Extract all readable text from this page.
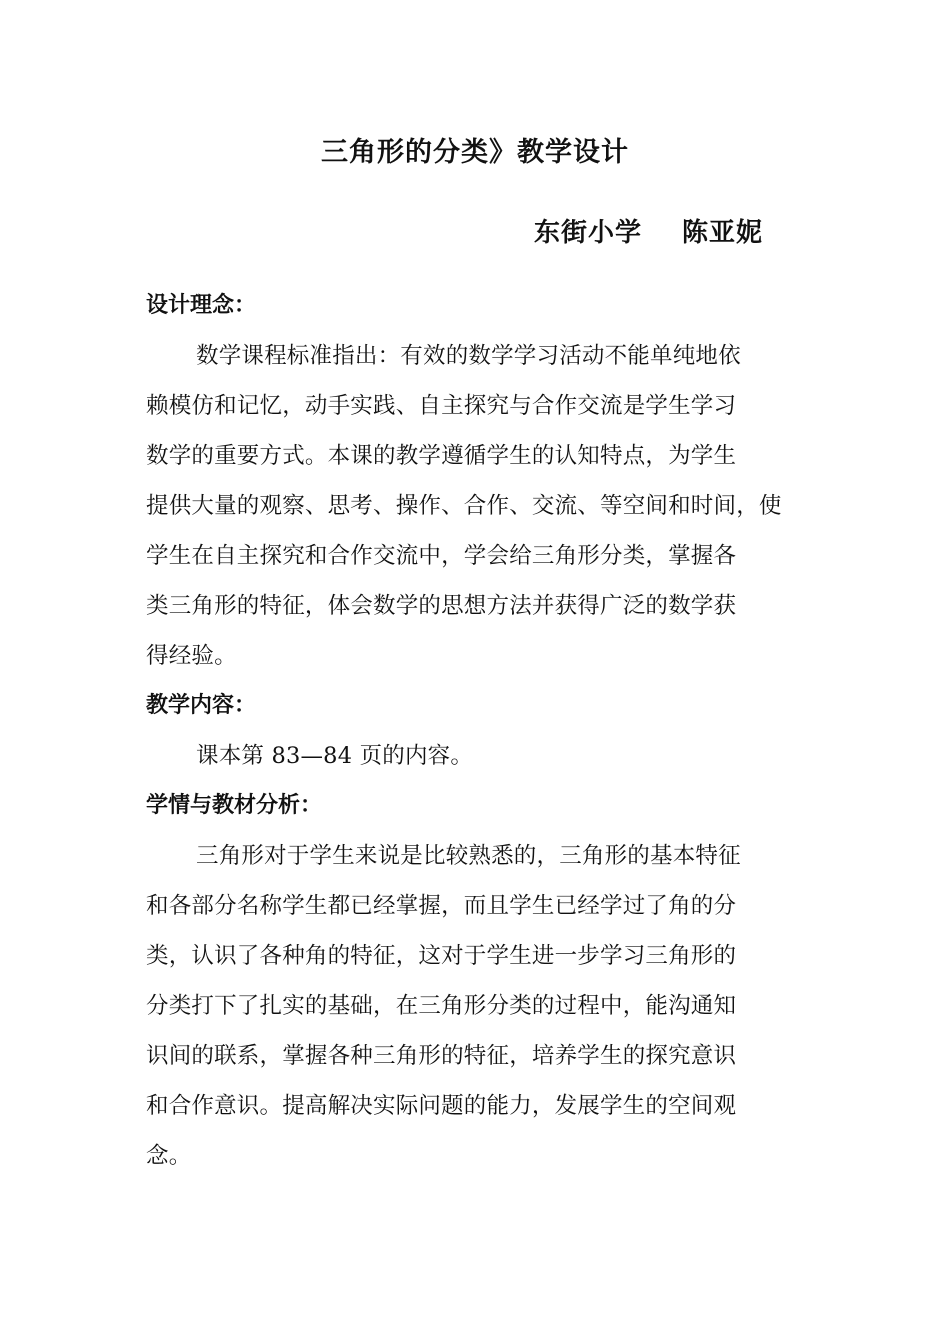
三角形的分类》教学设计
东街小学 陈亚妮
设计理念：
数学课程标准指出：有效的数学学习活动不能单纯地依
赖模仿和记忆，动手实践、自主探究与合作交流是学生学习
数学的重要方式。本课的教学遵循学生的认知特点，为学生
提供大量的观察、思考、操作、合作、交流、等空间和时间，使
学生在自主探究和合作交流中，学会给三角形分类，掌握各
类三角形的特征，体会数学的思想方法并获得广泛的数学获
得经验。
教学内容：
课本第 83—84 页的内容。
学情与教材分析：
三角形对于学生来说是比较熟悉的，三角形的基本特征
和各部分名称学生都已经掌握，而且学生已经学过了角的分
类，认识了各种角的特征，这对于学生进一步学习三角形的
分类打下了扎实的基础，在三角形分类的过程中，能沟通知
识间的联系，掌握各种三角形的特征，培养学生的探究意识
和合作意识。提高解决实际问题的能力，发展学生的空间观
念。
